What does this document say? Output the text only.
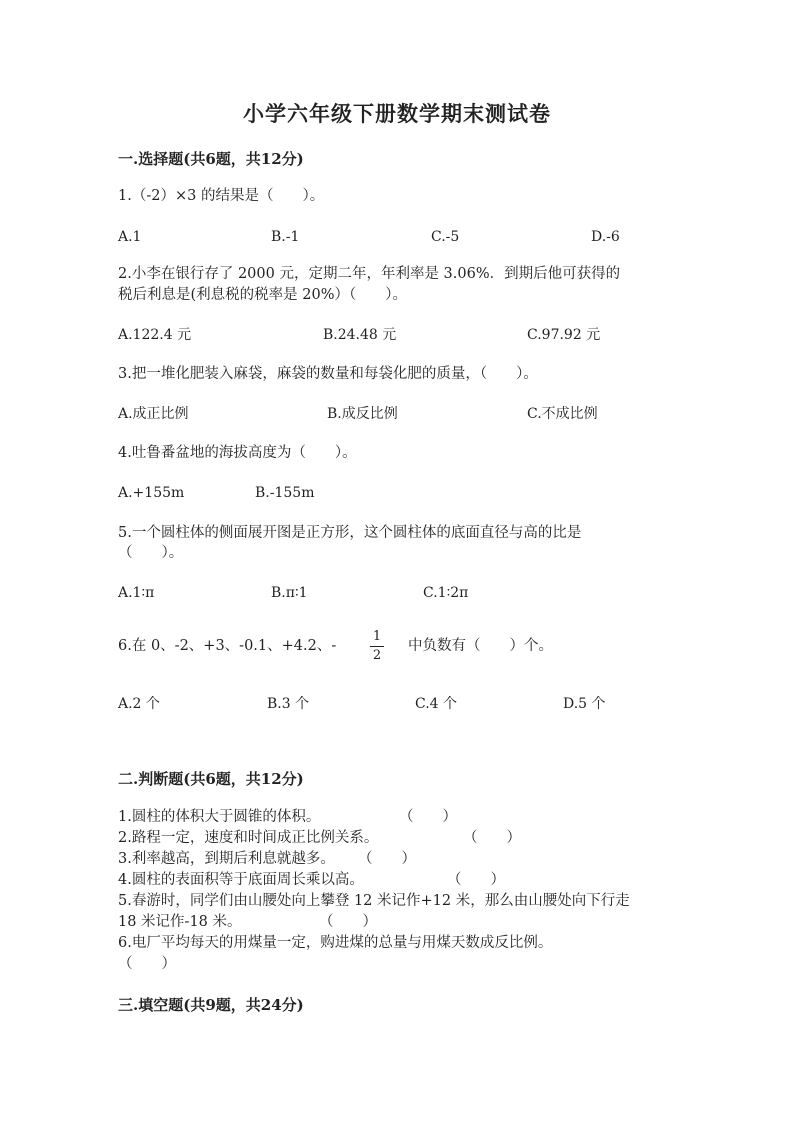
小学六年级下册数学期末测试卷
一.选择题(共6题，共12分)
1.（-2）×3 的结果是（　　）。
A.1	B.-1	C.-5	D.-6
2.小李在银行存了 2000 元，定期二年，年利率是 3.06%．到期后他可获得的
税后利息是(利息税的税率是 20%）（　　）。
A.122.4 元	B.24.48 元	C.97.92 元
3.把一堆化肥装入麻袋，麻袋的数量和每袋化肥的质量，（　　）。
A.成正比例	B.成反比例	C.不成比例
4.吐鲁番盆地的海拔高度为（　　）。
A.+155m	B.-155m
5.一个圆柱体的侧面展开图是正方形，这个圆柱体的底面直径与高的比是
（　　）。
A.1∶π	B.π∶1	C.1∶2π
6.在 0、-2、+3、-0.1、+4.2、-
1
2
中负数有（　　）个。
A.2 个	B.3 个	C.4 个	D.5 个
二.判断题(共6题，共12分)
1.圆柱的体积大于圆锥的体积。	（　　）
2.路程一定，速度和时间成正比例关系。	（　　）
3.利率越高，到期后利息就越多。 （　　）
4.圆柱的表面积等于底面周长乘以高。	（　　）
5.春游时，同学们由山腰处向上攀登 12 米记作+12 米，那么由山腰处向下行走
18 米记作-18 米。	（　　）
6.电厂平均每天的用煤量一定，购进煤的总量与用煤天数成反比例。
（　　）
三.填空题(共9题，共24分)
